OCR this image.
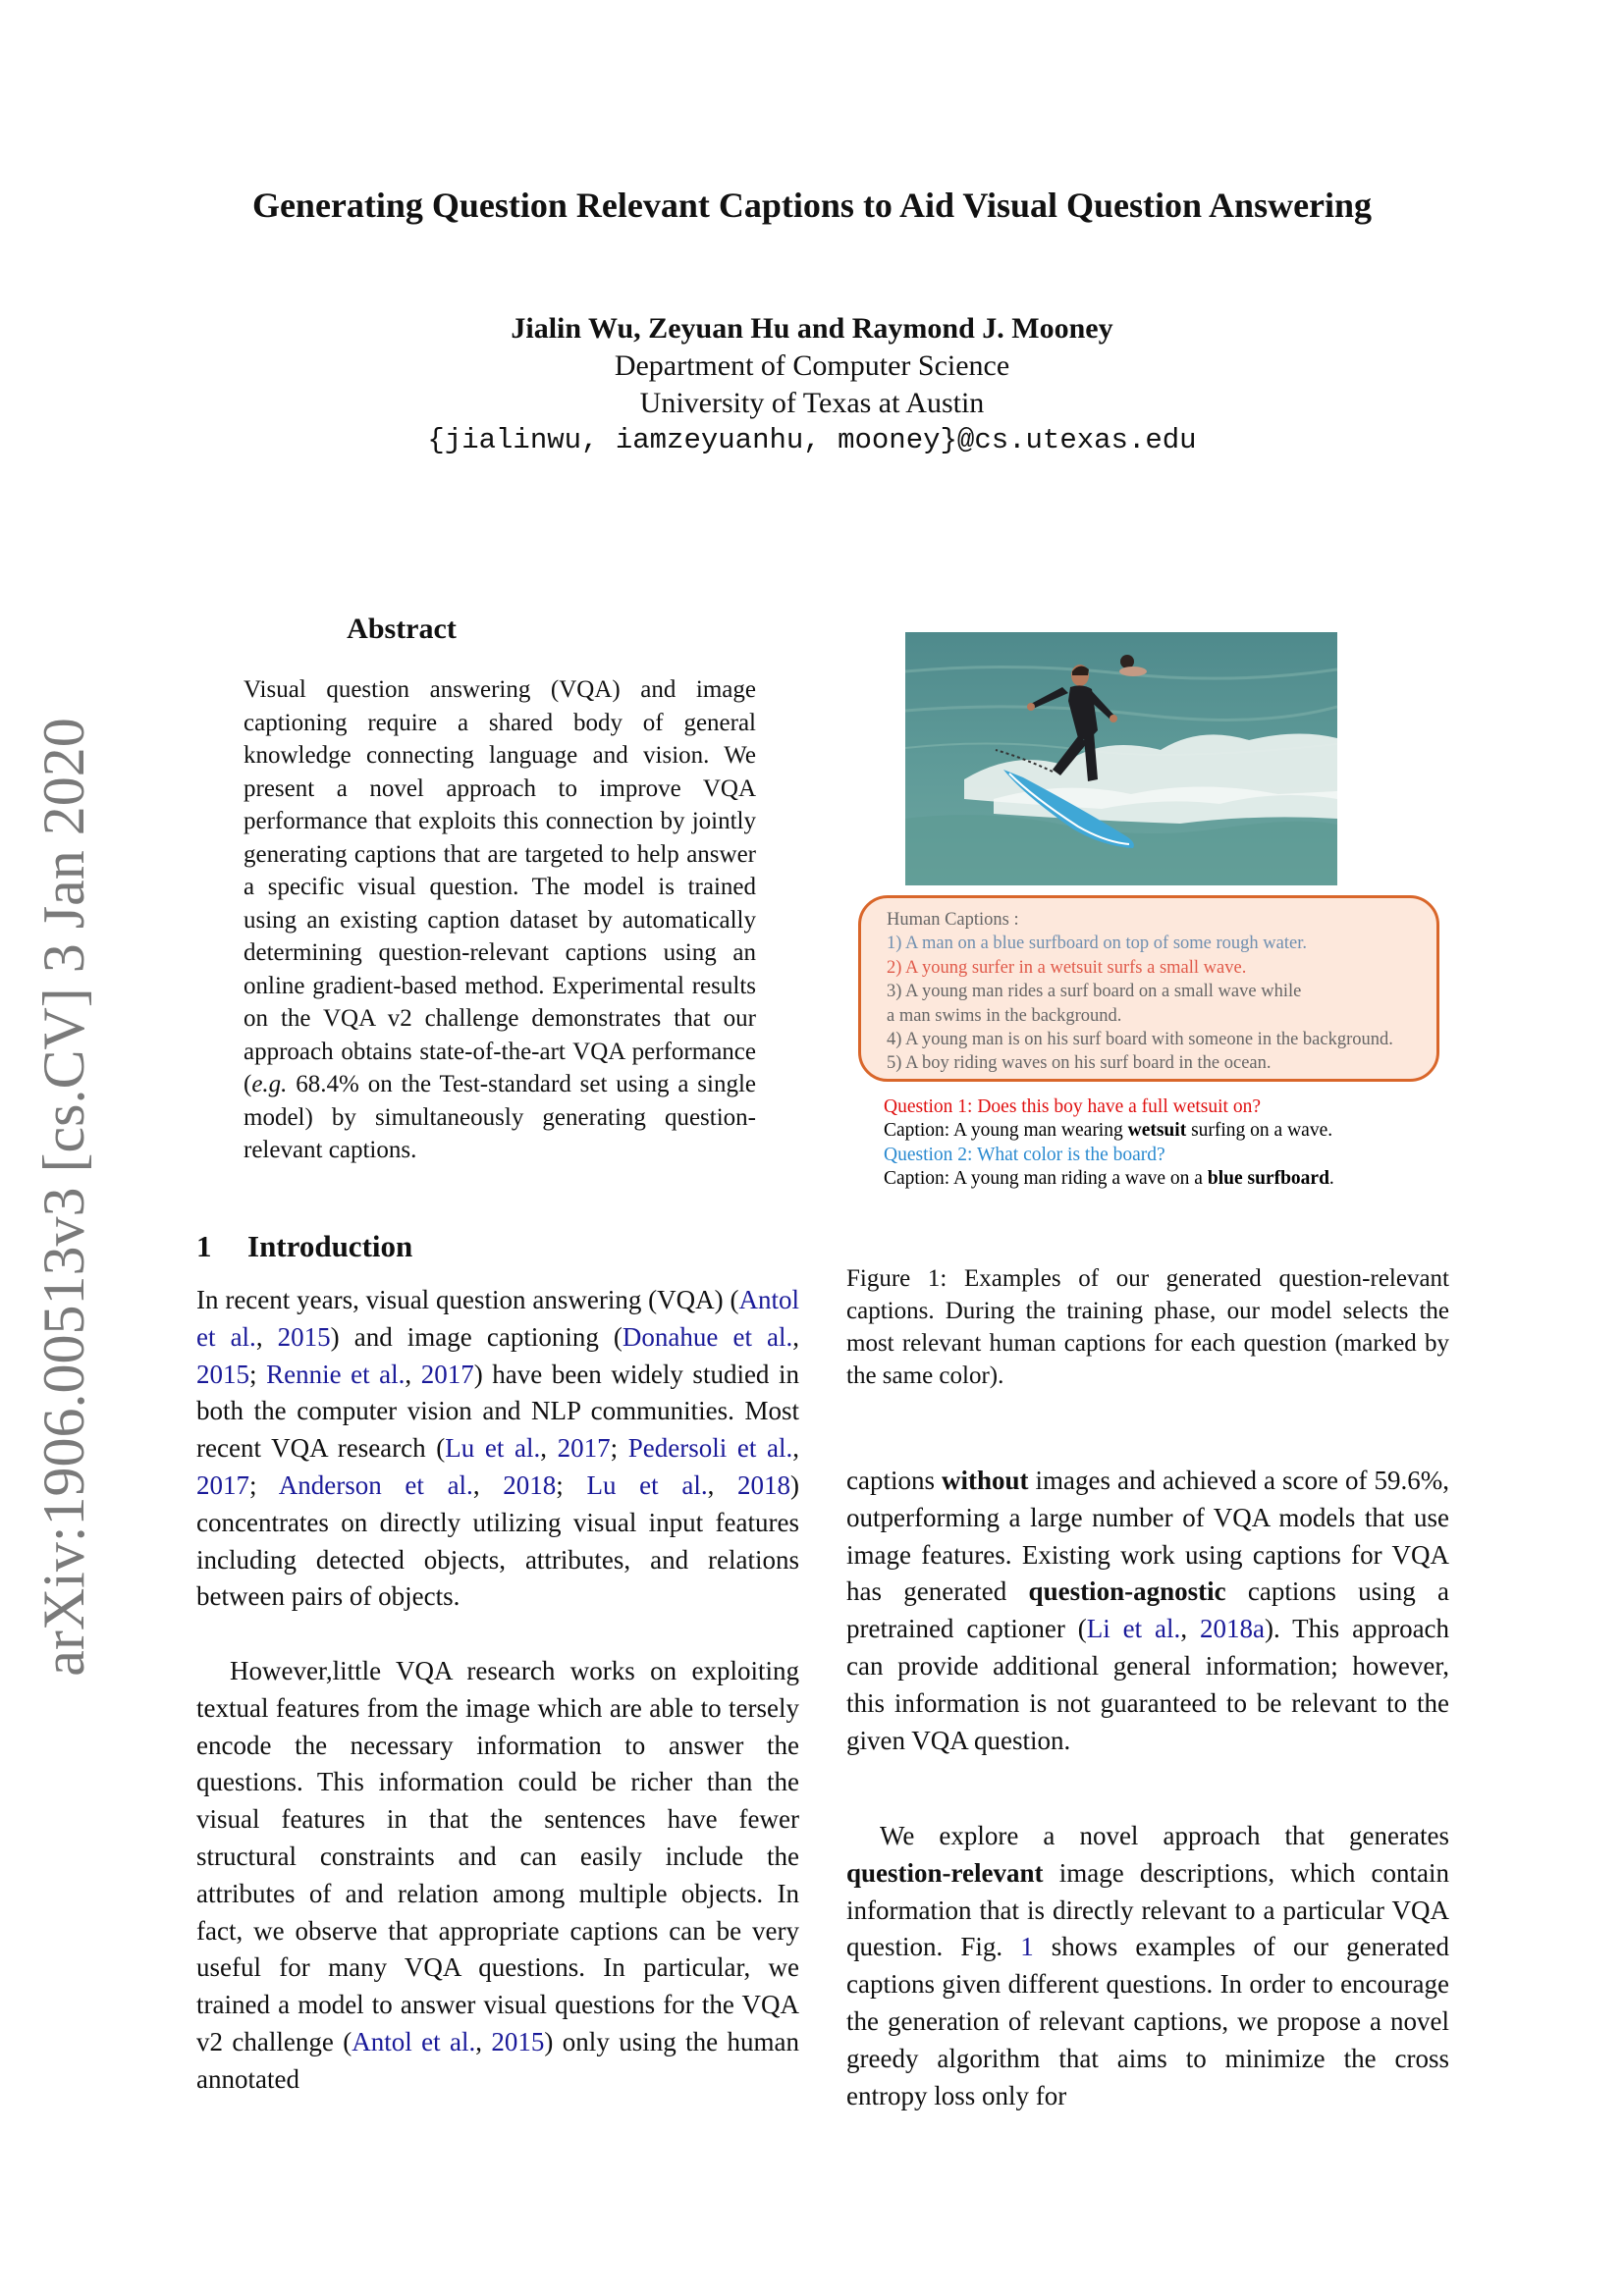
Generating Question Relevant Captions to Aid Visual Question Answering
Jialin Wu, Zeyuan Hu and Raymond J. Mooney
Department of Computer Science
University of Texas at Austin
{jialinwu, iamzeyuanhu, mooney}@cs.utexas.edu
arXiv:1906.00513v3 [cs.CV] 3 Jan 2020
Abstract

Visual question answering (VQA) and image captioning require a shared body of general knowledge connecting language and vision. We present a novel approach to improve VQA performance that exploits this connection by jointly generating captions that are targeted to help answer a specific visual question. The model is trained using an existing caption dataset by automatically determining question-relevant captions using an online gradient-based method. Experimental results on the VQA v2 challenge demonstrates that our approach obtains state-of-the-art VQA performance (e.g. 68.4% on the Test-standard set using a single model) by simultaneously generating question-relevant captions.

1 Introduction

In recent years, visual question answering (VQA) (Antol et al., 2015) and image captioning (Donahue et al., 2015; Rennie et al., 2017) have been widely studied in both the computer vision and NLP communities. Most recent VQA research (Lu et al., 2017; Pedersoli et al., 2017; Anderson et al., 2018; Lu et al., 2018) concentrates on directly utilizing visual input features including detected objects, attributes, and relations between pairs of objects.

However,little VQA research works on exploiting textual features from the image which are able to tersely encode the necessary information to answer the questions. This information could be richer than the visual features in that the sentences have fewer structural constraints and can easily include the attributes of and relation among multiple objects. In fact, we observe that appropriate captions can be very useful for many VQA questions. In particular, we trained a model to answer visual questions for the VQA v2 challenge (Antol et al., 2015) only using the human annotated

captions without images and achieved a score of 59.6%, outperforming a large number of VQA models that use image features. Existing work using captions for VQA has generated question-agnostic captions using a pretrained captioner (Li et al., 2018a). This approach can provide additional general information; however, this information is not guaranteed to be relevant to the given VQA question.

We explore a novel approach that generates question-relevant image descriptions, which contain information that is directly relevant to a particular VQA question. Fig. 1 shows examples of our generated captions given different questions. In order to encourage the generation of relevant captions, we propose a novel greedy algorithm that aims to minimize the cross entropy loss only for

Human Captions :
1) A man on a blue surfboard on top of some rough water.
2) A young surfer in a wetsuit surfs a small wave.
3) A young man rides a surf board on a small wave while
a man swims in the background.
4) A young man is on his surf board with someone in the background.
5) A boy riding waves on his surf board in the ocean.
Question 1: Does this boy have a full wetsuit on?
Caption: A young man wearing wetsuit surfing on a wave.
Question 2: What color is the board?
Caption: A young man riding a wave on a blue surfboard.

Figure 1: Examples of our generated question-relevant captions. During the training phase, our model selects the most relevant human captions for each question (marked by the same color).
